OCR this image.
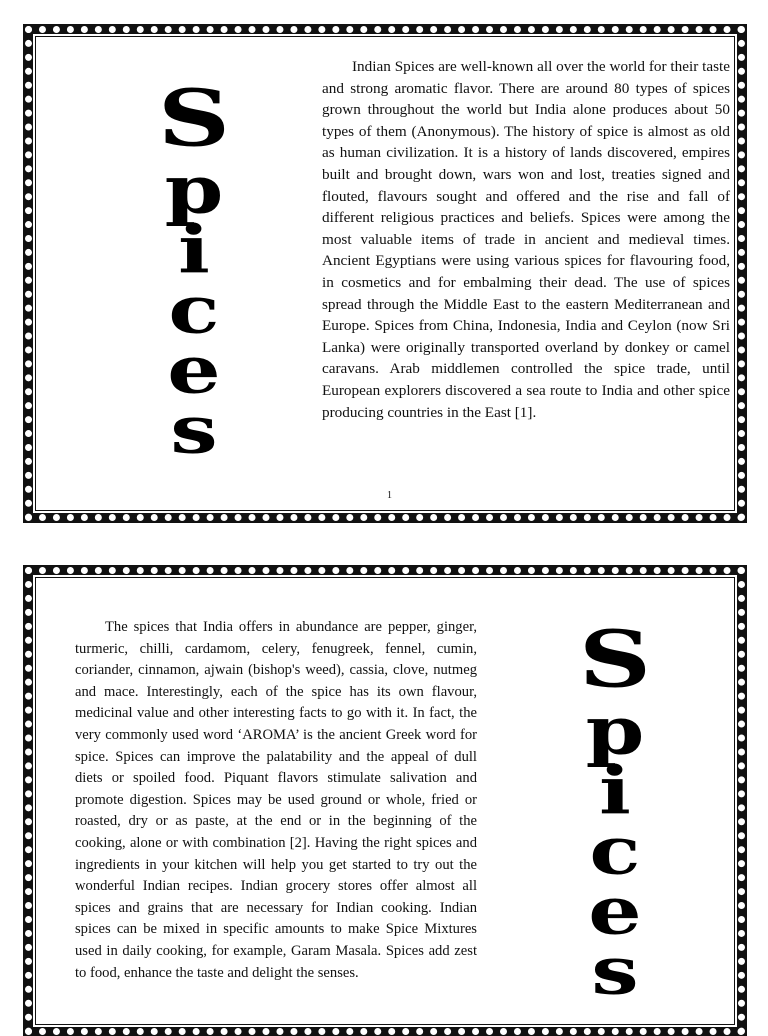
S
p
i
c
e
s

Indian Spices are well-known all over the world for their taste and strong aromatic flavor. There are around 80 types of spices grown throughout the world but India alone produces about 50 types of them (Anonymous). The history of spice is almost as old as human civilization. It is a history of lands discovered, empires built and brought down, wars won and lost, treaties signed and flouted, flavours sought and offered and the rise and fall of different religious practices and beliefs. Spices were among the most valuable items of trade in ancient and medieval times. Ancient Egyptians were using various spices for flavouring food, in cosmetics and for embalming their dead. The use of spices spread through the Middle East to the eastern Mediterranean and Europe. Spices from China, Indonesia, India and Ceylon (now Sri Lanka) were originally transported overland by donkey or camel caravans. Arab middlemen controlled the spice trade, until European explorers discovered a sea route to India and other spice producing countries in the East [1].

1

The spices that India offers in abundance are pepper, ginger, turmeric, chilli, cardamom, celery, fenugreek, fennel, cumin, coriander, cinnamon, ajwain (bishop's weed), cassia, clove, nutmeg and mace. Interestingly, each of the spice has its own flavour, medicinal value and other interesting facts to go with it. In fact, the very commonly used word ‘AROMA’ is the ancient Greek word for spice. Spices can improve the palatability and the appeal of dull diets or spoiled food. Piquant flavors stimulate salivation and promote digestion. Spices may be used ground or whole, fried or roasted, dry or as paste, at the end or in the beginning of the cooking, alone or with combination [2]. Having the right spices and ingredients in your kitchen will help you get started to try out the wonderful Indian recipes. Indian grocery stores offer almost all spices and grains that are necessary for Indian cooking. Indian spices can be mixed in specific amounts to make Spice Mixtures used in daily cooking, for example, Garam Masala. Spices add zest to food, enhance the taste and delight the senses.

S
p
i
c
e
s
